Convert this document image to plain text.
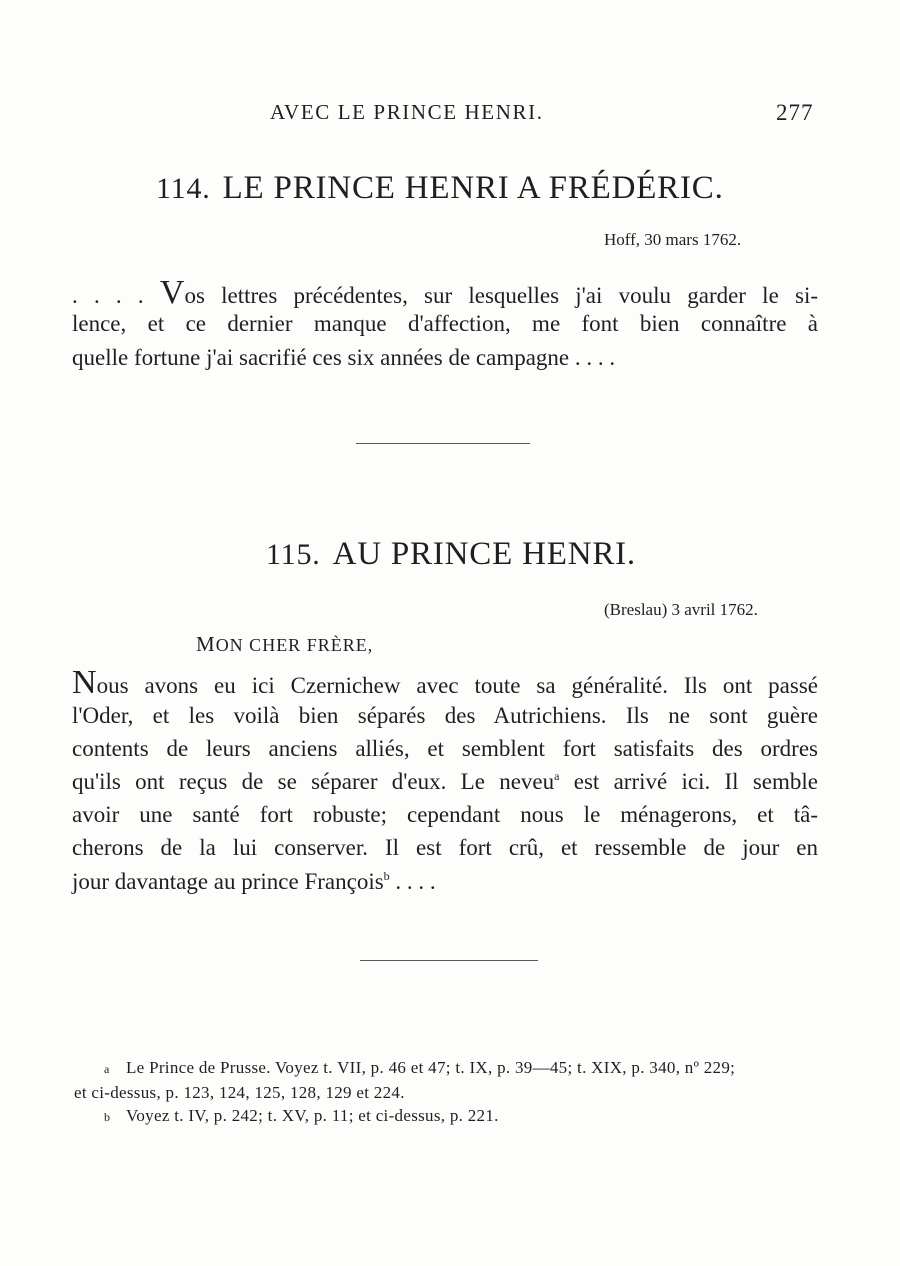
AVEC LE PRINCE HENRI.	277
114. LE PRINCE HENRI A FRÉDÉRIC.
Hoff, 30 mars 1762.
. . . . Vos lettres précédentes, sur lesquelles j'ai voulu garder le si-
lence, et ce dernier manque d'affection, me font bien connaître à
quelle fortune j'ai sacrifié ces six années de campagne . . . .
115. AU PRINCE HENRI.
(Breslau) 3 avril 1762.
MON CHER FRÈRE,
Nous avons eu ici Czernichew avec toute sa généralité. Ils ont passé
l'Oder, et les voilà bien séparés des Autrichiens. Ils ne sont guère
contents de leurs anciens alliés, et semblent fort satisfaits des ordres
qu'ils ont reçus de se séparer d'eux. Le neveu$^a$ est arrivé ici. Il semble
avoir une santé fort robuste; cependant nous le ménagerons, et tâ-
cherons de la lui conserver. Il est fort crû, et ressemble de jour en
jour davantage au prince François$^b$ . . . .
a Le Prince de Prusse. Voyez t. VII, p. 46 et 47; t. IX, p. 39—45; t. XIX, p. 340, nº 229;
et ci-dessus, p. 123, 124, 125, 128, 129 et 224.
b Voyez t. IV, p. 242; t. XV, p. 11; et ci-dessus, p. 221.
